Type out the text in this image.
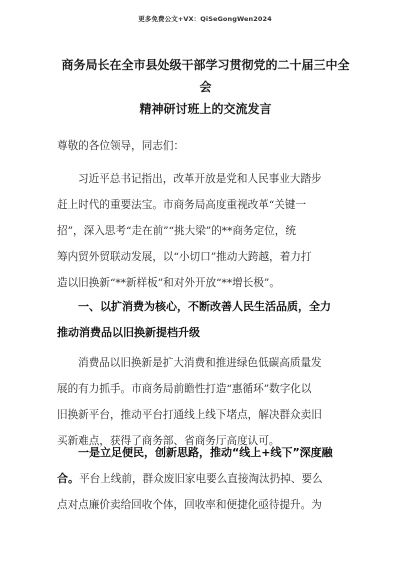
更多免费公文+VX：QiSeGongWen2024
商务局长在全市县处级干部学习贯彻党的二十届三中全会
精神研讨班上的交流发言
尊敬的各位领导，同志们：
习近平总书记指出，改革开放是党和人民事业大踏步
赶上时代的重要法宝。市商务局高度重视改革“关键一
招”，深入思考“走在前”“挑大梁”的**商务定位，统
筹内贸外贸联动发展，以“小切口”推动大跨越，着力打
造以旧换新“**新样板”和对外开放“**增长极”。
一、以扩消费为核心，不断改善人民生活品质，全力
推动消费品以旧换新提档升级
消费品以旧换新是扩大消费和推进绿色低碳高质量发
展的有力抓手。市商务局前瞻性打造“惠循环”数字化以
旧换新平台，推动平台打通线上线下堵点，解决群众卖旧
买新难点，获得了商务部、省商务厅高度认可。
一是立足便民，创新思路，推动“线上+线下”深度融
合。平台上线前，群众废旧家电要么直接淘汰扔掉、要么
点对点廉价卖给回收个体，回收率和便捷化亟待提升。为
